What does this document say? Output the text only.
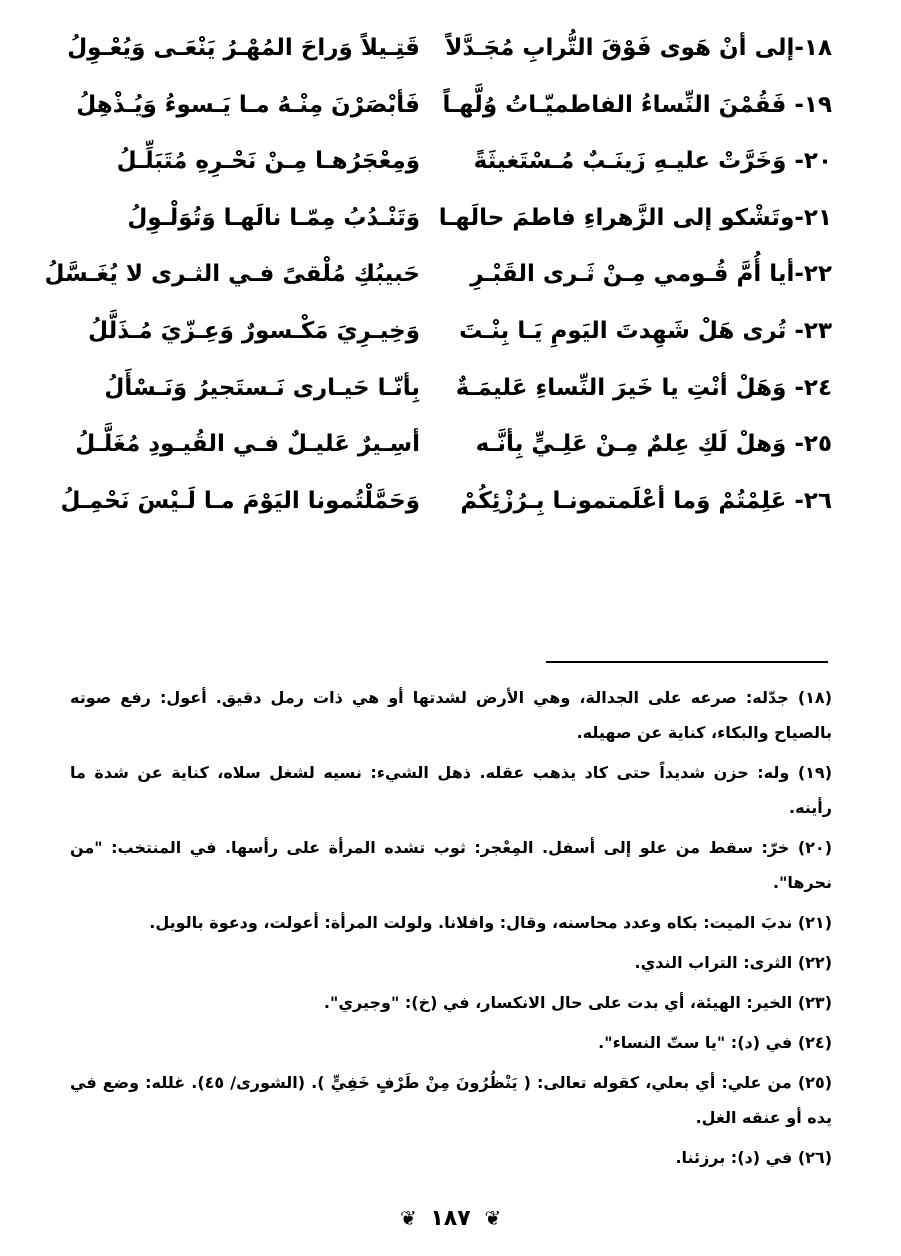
١٨-إلى أنْ هَوى فَوْقَ التُّرابِ مُجَـدَّلاً
قَتِـيلاً وَراحَ المُهْـرُ يَنْعَـى وَيُعْـوِلُ
١٩- فَقُمْنَ النِّساءُ الفاطميّـاتُ وُلَّهـاً
فَأبْصَرْنَ مِنْـهُ مـا يَـسوءُ وَيُـذْهِلُ
٢٠- وَخَرَّتْ عليـهِ زَينَـبٌ مُـسْتَغيثَةً
وَمِعْجَرُهـا مِـنْ نَحْـرِهِ مُتَبَلِّـلُ
٢١-وتَشْكو إلى الزَّهراءِ فاطمَ حالَهـا
وَتَنْـدُبُ مِمّـا نالَهـا وَتُوَلْـوِلُ
٢٢-أيا أُمَّ قُـومي مِـنْ ثَـرى القَبْـرِ
حَبيبُكِ مُلْقىً فـي الثـرى لا يُغَـسَّلُ
٢٣- تُرى هَلْ شَهِدتَ اليَومِ يَـا بِنْـتَ
وَخِيـرِيَ مَكْـسورٌ وَعِـزّيَ مُـذَلَّلُ
٢٤- وَهَلْ أنْتِ يا خَيرَ النِّساءِ عَليمَـةٌ
بِأنّـا حَيـارى نَـستَجيرُ وَنَـسْأَلُ
٢٥- وَهلْ لَكِ عِلمٌ مِـنْ عَلِـيٍّ بِأنَّـه
أسِـيرٌ عَليـلٌ فـي القُيـودِ مُغَلَّـلُ
٢٦- عَلِمْتُمْ وَما أعْلَمتمونـا بِـرُزْئِكُمْ
وَحَمَّلْتُمونا اليَوْمَ مـا لَـيْسَ نَحْمِـلُ

(١٨) جدّله: صرعه على الجدالة، وهي الأرض لشدتها أو هي ذات رمل دقيق. أعول: رفع صوته بالصياح والبكاء، كناية عن صهيله.

(١٩) وله: حزن شديداً حتى كاد يذهب عقله. ذهل الشيء: نسيه لشغل سلاه، كناية عن شدة ما رأينه.

(٢٠) خرّ: سقط من علو إلى أسفل. المِعْجر: ثوب تشده المرأة على رأسها. في المنتخب: "من نحرها".

(٢١) ندبَ الميت: بكاه وعدد محاسنه، وقال: وافلانا. ولولت المرأة: أعولت، ودعوة بالويل.

(٢٢) الثرى: التراب الندي.

(٢٣) الخير: الهيئة، أي بدت على حال الانكسار، في (خ): "وجيري".

(٢٤) في (د): "يا ستّ النساء".

(٢٥) من علي: أي بعلي، كقوله تعالى: ( يَنْظُرُونَ مِنْ طَرْفٍ خَفِيٍّ ). (الشورى/ ٤٥). غلله: وضع في يده أو عنقه الغل.

(٢٦) في (د): برزئنا.

❦ ١٨٧ ❦
